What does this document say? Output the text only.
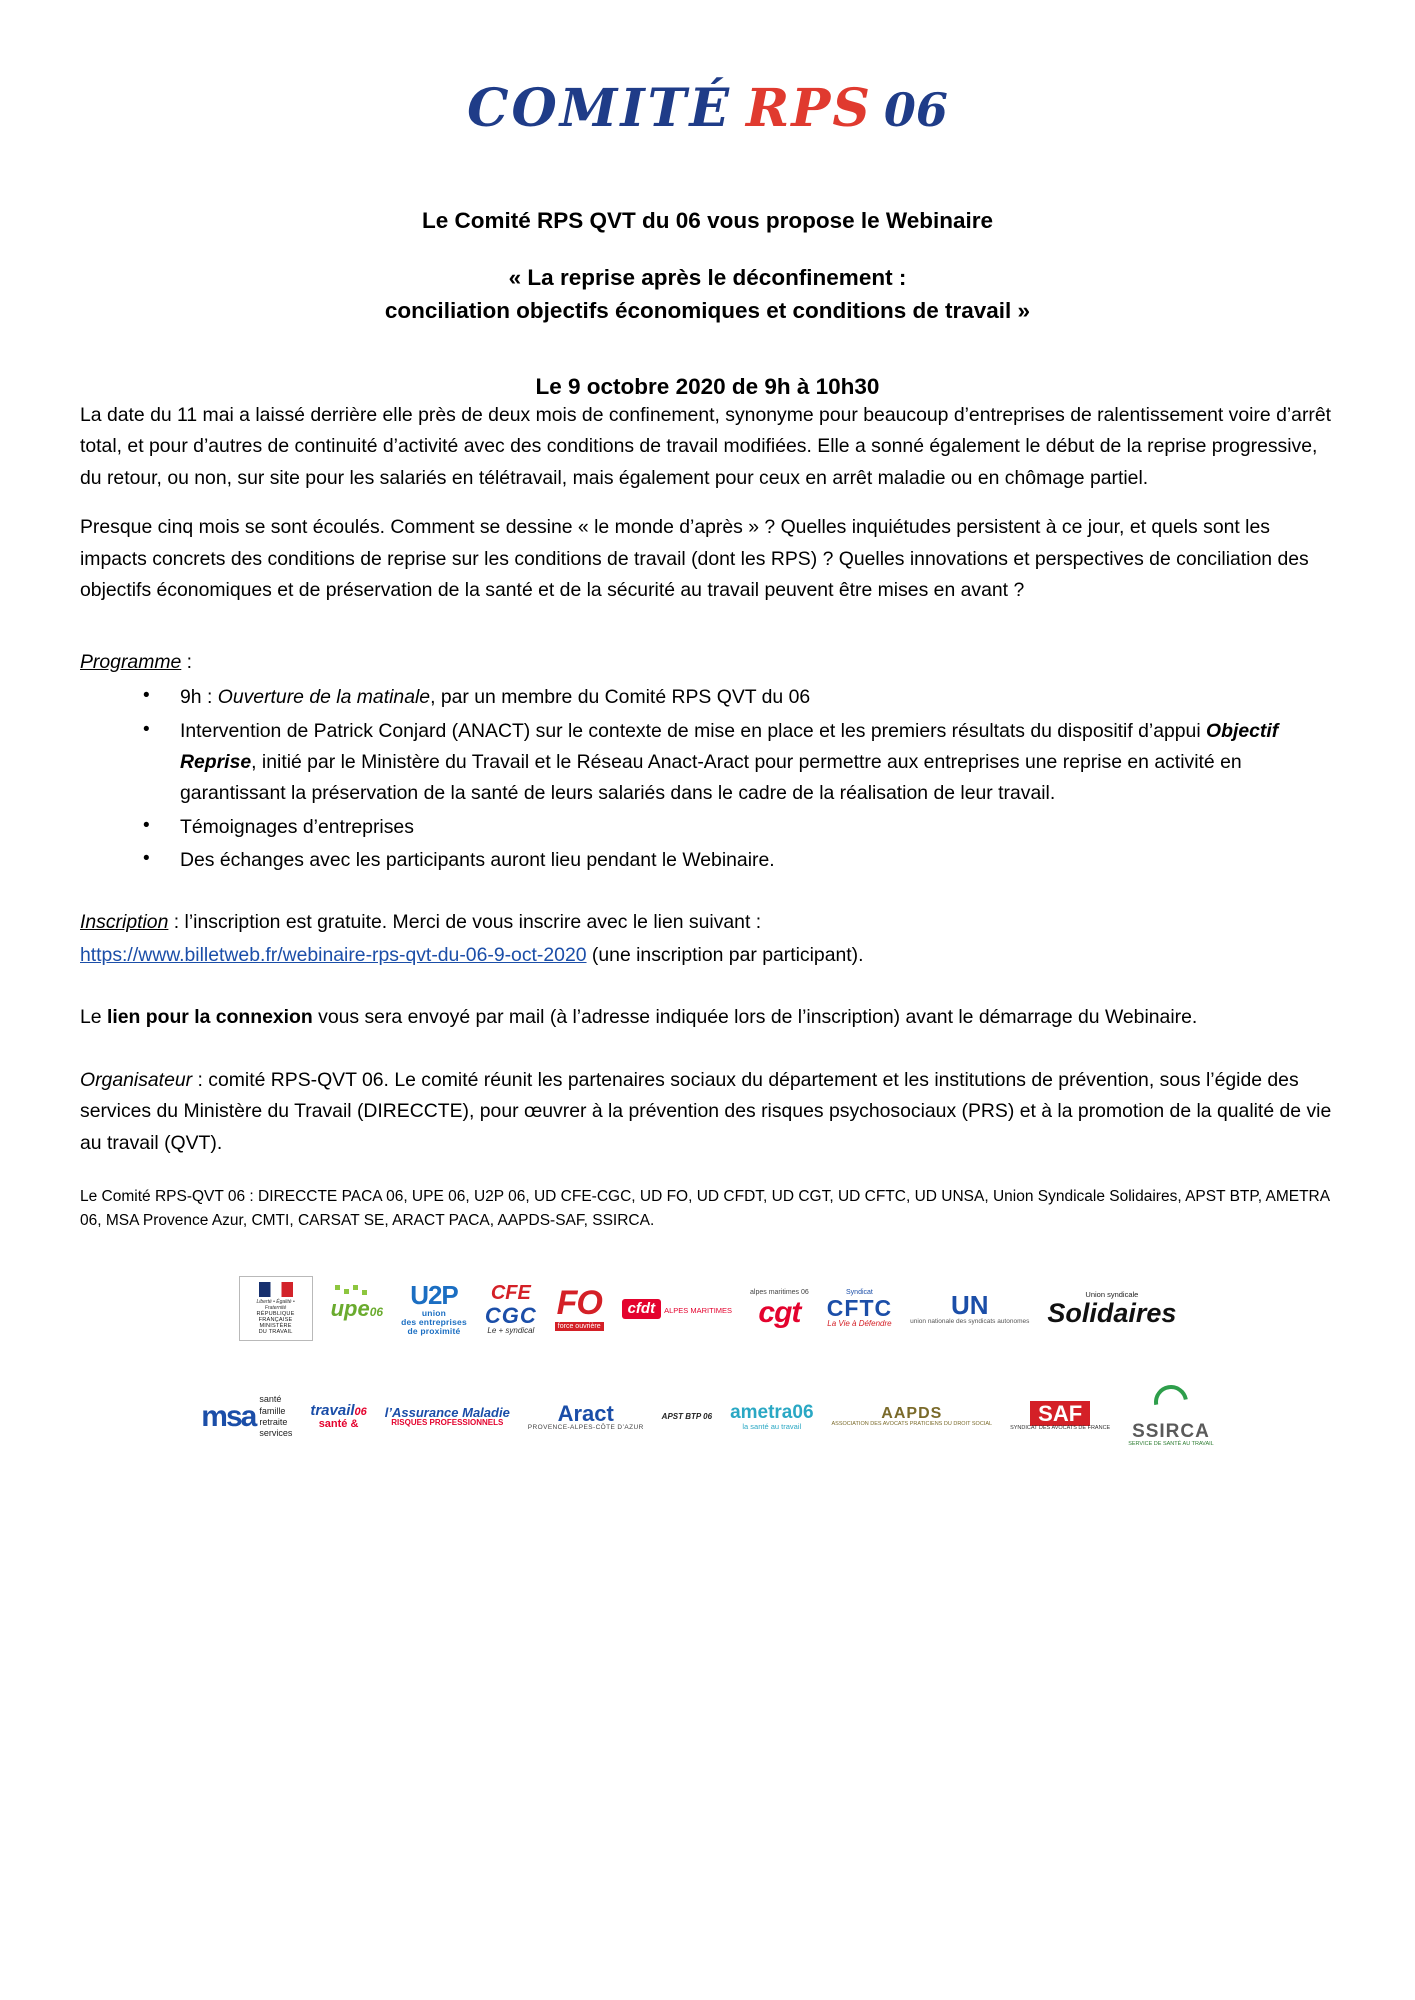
COMITÉ RPS 06
Le Comité RPS QVT du 06 vous propose le Webinaire
« La reprise après le déconfinement :
conciliation objectifs économiques et conditions de travail »
Le 9 octobre 2020 de 9h à 10h30

La date du 11 mai a laissé derrière elle près de deux mois de confinement, synonyme pour beaucoup d’entreprises de ralentissement voire d’arrêt total, et pour d’autres de continuité d’activité avec des conditions de travail modifiées. Elle a sonné également le début de la reprise progressive, du retour, ou non, sur site pour les salariés en télétravail, mais également pour ceux en arrêt maladie ou en chômage partiel.

Presque cinq mois se sont écoulés. Comment se dessine « le monde d’après » ? Quelles inquiétudes persistent à ce jour, et quels sont les impacts concrets des conditions de reprise sur les conditions de travail (dont les RPS) ? Quelles innovations et perspectives de conciliation des objectifs économiques et de préservation de la santé et de la sécurité au travail peuvent être mises en avant ?

Programme :

• 9h : Ouverture de la matinale, par un membre du Comité RPS QVT du 06
• Intervention de Patrick Conjard (ANACT) sur le contexte de mise en place et les premiers résultats du dispositif d’appui Objectif Reprise, initié par le Ministère du Travail et le Réseau Anact-Aract pour permettre aux entreprises une reprise en activité en garantissant la préservation de la santé de leurs salariés dans le cadre de la réalisation de leur travail.
• Témoignages d’entreprises
• Des échanges avec les participants auront lieu pendant le Webinaire.

Inscription : l’inscription est gratuite. Merci de vous inscrire avec le lien suivant :

https://www.billetweb.fr/webinaire-rps-qvt-du-06-9-oct-2020 (une inscription par participant).

Le lien pour la connexion vous sera envoyé par mail (à l’adresse indiquée lors de l’inscription) avant le démarrage du Webinaire.

Organisateur : comité RPS-QVT 06. Le comité réunit les partenaires sociaux du département et les institutions de prévention, sous l’égide des services du Ministère du Travail (DIRECCTE), pour œuvrer à la prévention des risques psychosociaux (PRS) et à la promotion de la qualité de vie au travail (QVT).

Le Comité RPS-QVT 06 : DIRECCTE PACA 06, UPE 06, U2P 06, UD CFE-CGC, UD FO, UD CFDT, UD CGT, UD CFTC, UD UNSA, Union Syndicale Solidaires, APST BTP, AMETRA 06, MSA Provence Azur, CMTI, CARSAT SE, ARACT PACA, AAPDS-SAF, SSIRCA.

Liberté • Égalité • Fraternité
RÉPUBLIQUE FRANÇAISE
MINISTÈRE
DU TRAVAIL
upe06
U2P
union
des entreprises
de proximité
CFE
CGC
Le + syndical
FO
force ouvrière
cfdt ALPES MARITIMES
alpes maritimes 06
cgt
Syndicat
CFTC
La Vie à Défendre
UN
union nationale des syndicats autonomes
Union syndicale
Solidaires
msa
santé
famille
retraite
services
travail06
santé &
l’Assurance Maladie
RISQUES PROFESSIONNELS	Aract
PROVENCE-ALPES-CÔTE D’AZUR
APST BTP 06 ametra06
la santé au travail
AAPDS
ASSOCIATION DES AVOCATS PRATICIENS DU DROIT SOCIAL	SAF
SYNDICAT DES AVOCATS DE FRANCE SSIRCA
SERVICE DE SANTÉ AU TRAVAIL
